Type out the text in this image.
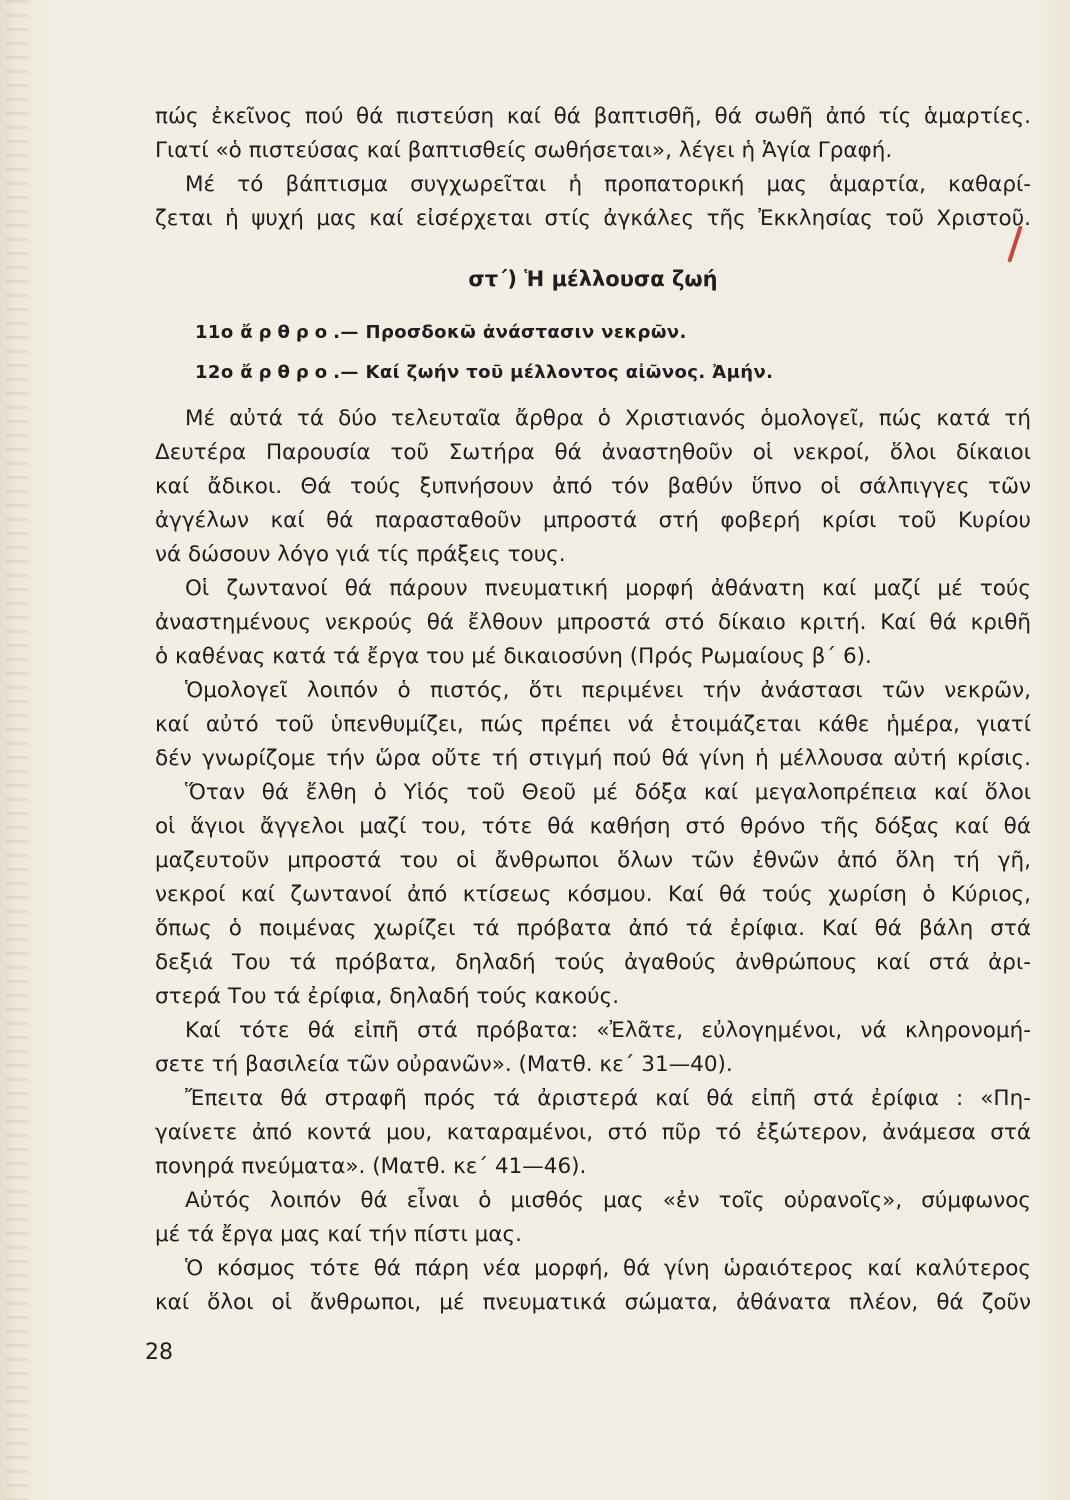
πώς ἐκεῖνος πού θά πιστεύση καί θά βαπτισθῆ, θά σωθῆ ἀπό τίς ἁμαρτίες.
Γιατί «ὁ πιστεύσας καί βαπτισθείς σωθήσεται», λέγει ἡ Ἁγία Γραφή.
Μέ τό βάπτισμα συγχωρεῖται ἡ προπατορική μας ἁμαρτία, καθαρί-
ζεται ἡ ψυχή μας καί εἰσέρχεται στίς ἀγκάλες τῆς Ἐκκλησίας τοῦ Χριστοῦ.
στ΄) Ἡ μέλλουσα ζωή
11ο ἄρθρο.— Προσδοκῶ ἀνάστασιν νεκρῶν.
12ο ἄρθρο.— Καί ζωήν τοῦ μέλλοντος αἰῶνος. Ἀμήν.
Μέ αὐτά τά δύο τελευταῖα ἄρθρα ὁ Χριστιανός ὁμολογεῖ, πώς κατά τή
Δευτέρα Παρουσία τοῦ Σωτήρα θά ἀναστηθοῦν οἱ νεκροί, ὅλοι δίκαιοι
καί ἄδικοι. Θά τούς ξυπνήσουν ἀπό τόν βαθύν ὕπνο οἱ σάλπιγγες τῶν
ἀγγέλων καί θά παρασταθοῦν μπροστά στή φοβερή κρίσι τοῦ Κυρίου
νά δώσουν λόγο γιά τίς πράξεις τους.
Οἱ ζωντανοί θά πάρουν πνευματική μορφή ἀθάνατη καί μαζί μέ τούς
ἀναστημένους νεκρούς θά ἔλθουν μπροστά στό δίκαιο κριτή. Καί θά κριθῆ
ὁ καθένας κατά τά ἔργα του μέ δικαιοσύνη (Πρός Ρωμαίους β΄ 6).
Ὁμολογεῖ λοιπόν ὁ πιστός, ὅτι περιμένει τήν ἀνάστασι τῶν νεκρῶν,
καί αὐτό τοῦ ὑπενθυμίζει, πώς πρέπει νά ἑτοιμάζεται κάθε ἡμέρα, γιατί
δέν γνωρίζομε τήν ὥρα οὔτε τή στιγμή πού θά γίνη ἡ μέλλουσα αὐτή κρίσις.
Ὅταν θά ἔλθη ὁ Υἱός τοῦ Θεοῦ μέ δόξα καί μεγαλοπρέπεια καί ὅλοι
οἱ ἅγιοι ἄγγελοι μαζί του, τότε θά καθήση στό θρόνο τῆς δόξας καί θά
μαζευτοῦν μπροστά του οἱ ἄνθρωποι ὅλων τῶν ἐθνῶν ἀπό ὅλη τή γῆ,
νεκροί καί ζωντανοί ἀπό κτίσεως κόσμου. Καί θά τούς χωρίση ὁ Κύριος,
ὅπως ὁ ποιμένας χωρίζει τά πρόβατα ἀπό τά ἐρίφια. Καί θά βάλη στά
δεξιά Του τά πρόβατα, δηλαδή τούς ἀγαθούς ἀνθρώπους καί στά ἀρι-
στερά Του τά ἐρίφια, δηλαδή τούς κακούς.
Καί τότε θά εἰπῆ στά πρόβατα: «Ἐλᾶτε, εὐλογημένοι, νά κληρονομή-
σετε τή βασιλεία τῶν οὐρανῶν». (Ματθ. κε΄ 31—40).
Ἔπειτα θά στραφῆ πρός τά ἀριστερά καί θά εἰπῆ στά ἐρίφια : «Πη-
γαίνετε ἀπό κοντά μου, καταραμένοι, στό πῦρ τό ἐξώτερον, ἀνάμεσα στά
πονηρά πνεύματα». (Ματθ. κε΄ 41—46).
Αὐτός λοιπόν θά εἶναι ὁ μισθός μας «ἐν τοῖς οὐρανοῖς», σύμφωνος
μέ τά ἔργα μας καί τήν πίστι μας.
Ὁ κόσμος τότε θά πάρη νέα μορφή, θά γίνη ὡραιότερος καί καλύτερος
καί ὅλοι οἱ ἄνθρωποι, μέ πνευματικά σώματα, ἀθάνατα πλέον, θά ζοῦν
28
